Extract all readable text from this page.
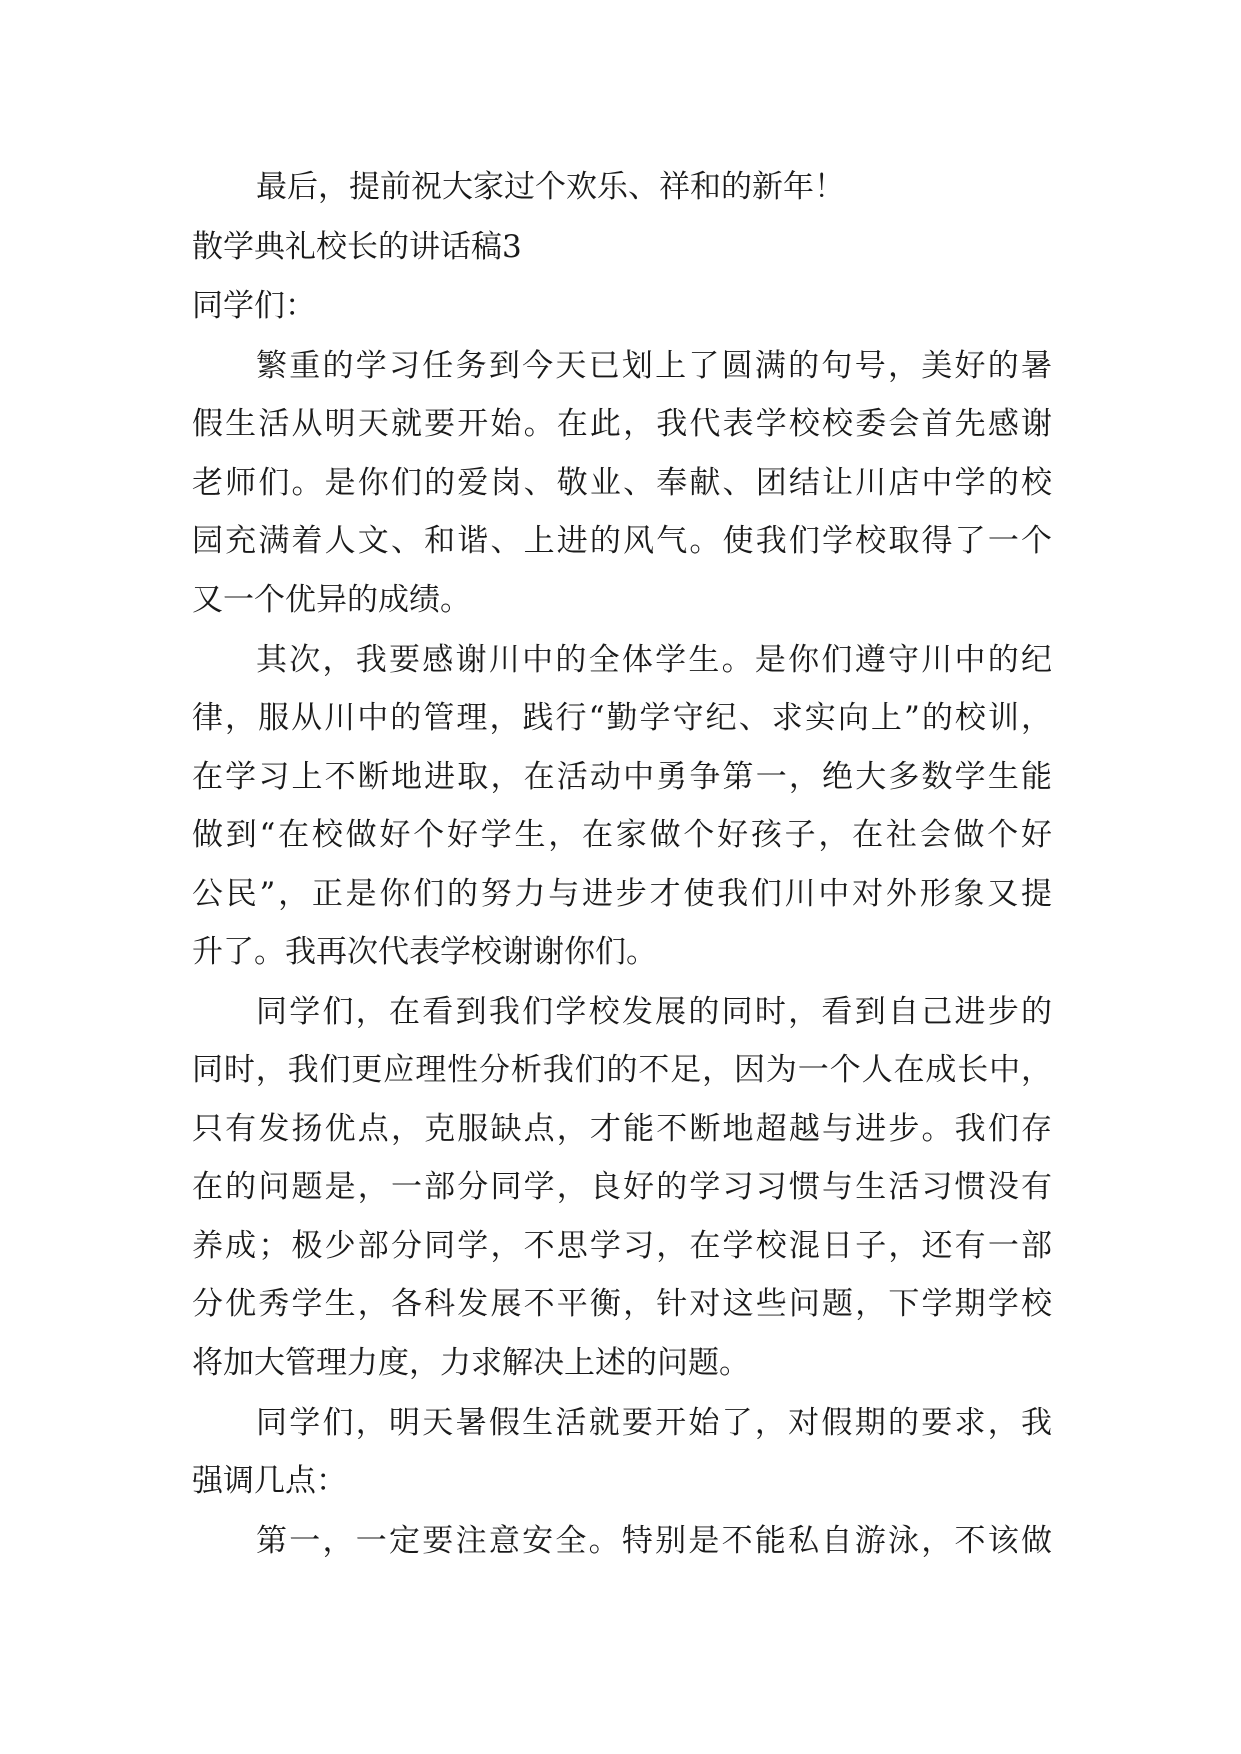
最后，提前祝大家过个欢乐、祥和的新年！
散学典礼校长的讲话稿3
同学们：
繁重的学习任务到今天已划上了圆满的句号，美好的暑
假生活从明天就要开始。在此，我代表学校校委会首先感谢
老师们。是你们的爱岗、敬业、奉献、团结让川店中学的校
园充满着人文、和谐、上进的风气。使我们学校取得了一个
又一个优异的成绩。
其次，我要感谢川中的全体学生。是你们遵守川中的纪
律，服从川中的管理，践行“勤学守纪、求实向上”的校训，
在学习上不断地进取，在活动中勇争第一，绝大多数学生能
做到“在校做好个好学生，在家做个好孩子，在社会做个好
公民”，正是你们的努力与进步才使我们川中对外形象又提
升了。我再次代表学校谢谢你们。
同学们，在看到我们学校发展的同时，看到自己进步的
同时，我们更应理性分析我们的不足，因为一个人在成长中，
只有发扬优点，克服缺点，才能不断地超越与进步。我们存
在的问题是，一部分同学，良好的学习习惯与生活习惯没有
养成；极少部分同学，不思学习，在学校混日子，还有一部
分优秀学生，各科发展不平衡，针对这些问题，下学期学校
将加大管理力度，力求解决上述的问题。
同学们，明天暑假生活就要开始了，对假期的要求，我
强调几点：
第一，一定要注意安全。特别是不能私自游泳，不该做
